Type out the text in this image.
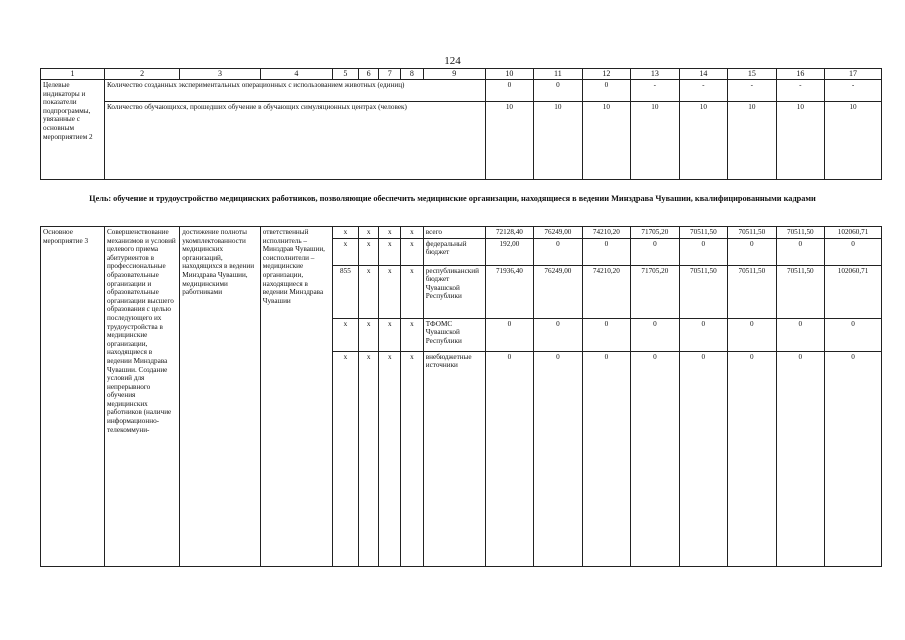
124
1	2	3	4	5	6	7	8	9	10	11	12	13	14	15	16	17
Целевые индикаторы и показатели подпрограммы, увязанные с основным мероприятием 2	Количество созданных экспериментальных операционных с использованием животных (единиц)								0	0	0	-	-	-	-	-
	Количество обучающихся, прошедших обучение в обучающих симуляционных центрах (человек)								10	10	10	10	10	10	10	10
Цель: обучение и трудоустройство медицинских работников, позволяющие обеспечить медицинские организации, находящиеся в ведении Минздрава Чувашии, квалифицированными кадрами
Основное мероприятие 3	Совершенствование механизмов и условий целевого приема абитуриентов в профессиональные образовательные организации и образовательные организации высшего образования с целью последующего их трудоустройства в медицинские организации, находящиеся в ведении Минздрава Чувашии. Создание условий для непрерывного обучения медицинских работников (наличие информационно-телекоммуни-	достижение полноты укомплектованности медицинских организаций, находящихся в ведении Минздрава Чувашии, медицинскими работниками	ответственный исполнитель – Минздрав Чувашии, соисполнители – медицинские организации, находящиеся в ведении Минздрава Чувашии	x	x	x	x	всего	72128,40	76249,00	74210,20	71705,20	70511,50	70511,50	70511,50	102060,71
				x	x	x	x	федеральный бюджет	192,00	0	0	0	0	0	0	0
				855	x	x	x	республиканский бюджет Чувашской Республики	71936,40	76249,00	74210,20	71705,20	70511,50	70511,50	70511,50	102060,71
				x	x	x	x	ТФОМС Чувашской Республики	0	0	0	0	0	0	0	0
				x	x	x	x	внебюджетные источники	0	0	0	0	0	0	0	0
